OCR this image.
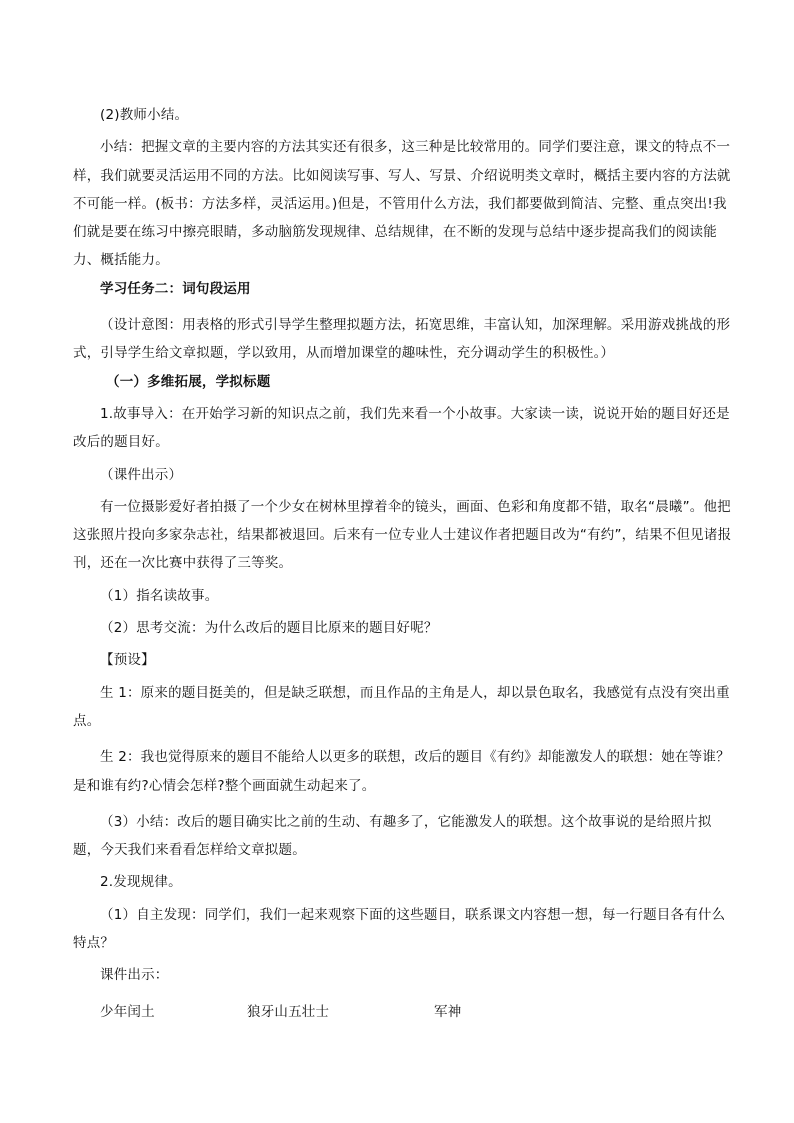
(2)教师小结。

小结：把握文章的主要内容的方法其实还有很多，这三种是比较常用的。同学们要注意，课文的特点不一样，我们就要灵活运用不同的方法。比如阅读写事、写人、写景、介绍说明类文章时，概括主要内容的方法就不可能一样。(板书：方法多样，灵活运用。)但是，不管用什么方法，我们都要做到简洁、完整、重点突出!我们就是要在练习中擦亮眼睛，多动脑筋发现规律、总结规律，在不断的发现与总结中逐步提高我们的阅读能力、概括能力。

学习任务二：词句段运用

（设计意图：用表格的形式引导学生整理拟题方法，拓宽思维，丰富认知，加深理解。采用游戏挑战的形式，引导学生给文章拟题，学以致用，从而增加课堂的趣味性，充分调动学生的积极性。）

（一）多维拓展，学拟标题

1.故事导入：在开始学习新的知识点之前，我们先来看一个小故事。大家读一读，说说开始的题目好还是改后的题目好。

（课件出示）

有一位摄影爱好者拍摄了一个少女在树林里撑着伞的镜头，画面、色彩和角度都不错，取名“晨曦”。他把这张照片投向多家杂志社，结果都被退回。后来有一位专业人士建议作者把题目改为“有约”，结果不但见诸报刊，还在一次比赛中获得了三等奖。

（1）指名读故事。

（2）思考交流：为什么改后的题目比原来的题目好呢？

【预设】

生 1：原来的题目挺美的，但是缺乏联想，而且作品的主角是人，却以景色取名，我感觉有点没有突出重点。

生 2：我也觉得原来的题目不能给人以更多的联想，改后的题目《有约》却能激发人的联想：她在等谁？是和谁有约?心情会怎样?整个画面就生动起来了。

（3）小结：改后的题目确实比之前的生动、有趣多了，它能激发人的联想。这个故事说的是给照片拟题，今天我们来看看怎样给文章拟题。

2.发现规律。

（1）自主发现：同学们，我们一起来观察下面的这些题目，联系课文内容想一想，每一行题目各有什么特点？

课件出示：

少年闰土	狼牙山五壮士	军神
